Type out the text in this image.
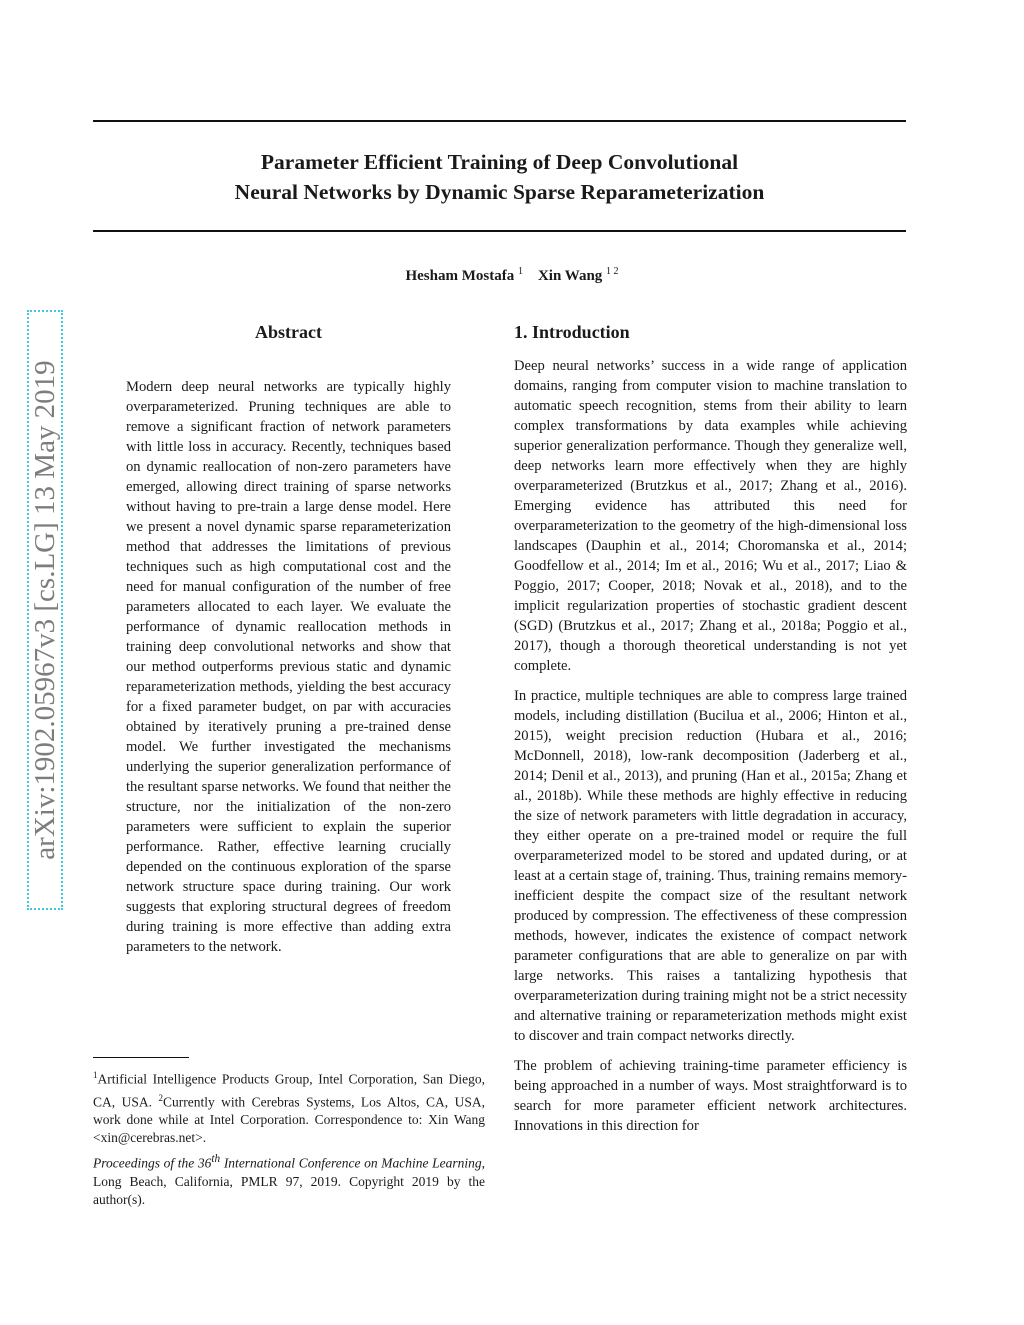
Parameter Efficient Training of Deep Convolutional
Neural Networks by Dynamic Sparse Reparameterization
Hesham Mostafa $^1$ Xin Wang $^{1 2}$
arXiv:1902.05967v3 [cs.LG] 13 May 2019
Abstract
Modern deep neural networks are typically highly overparameterized. Pruning techniques are able to remove a significant fraction of network parameters with little loss in accuracy. Recently, techniques based on dynamic reallocation of non-zero parameters have emerged, allowing direct training of sparse networks without having to pre-train a large dense model. Here we present a novel dynamic sparse reparameterization method that addresses the limitations of previous techniques such as high computational cost and the need for manual configuration of the number of free parameters allocated to each layer. We evaluate the performance of dynamic reallocation methods in training deep convolutional networks and show that our method outperforms previous static and dynamic reparameterization methods, yielding the best accuracy for a fixed parameter budget, on par with accuracies obtained by iteratively pruning a pre-trained dense model. We further investigated the mechanisms underlying the superior generalization performance of the resultant sparse networks. We found that neither the structure, nor the initialization of the non-zero parameters were sufficient to explain the superior performance. Rather, effective learning crucially depended on the continuous exploration of the sparse network structure space during training. Our work suggests that exploring structural degrees of freedom during training is more effective than adding extra parameters to the network.
1. Introduction

Deep neural networks’ success in a wide range of application domains, ranging from computer vision to machine translation to automatic speech recognition, stems from their ability to learn complex transformations by data examples while achieving superior generalization performance. Though they generalize well, deep networks learn more effectively when they are highly overparameterized (Brutzkus et al., 2017; Zhang et al., 2016). Emerging evidence has attributed this need for overparameterization to the geometry of the high-dimensional loss landscapes (Dauphin et al., 2014; Choromanska et al., 2014; Goodfellow et al., 2014; Im et al., 2016; Wu et al., 2017; Liao & Poggio, 2017; Cooper, 2018; Novak et al., 2018), and to the implicit regularization properties of stochastic gradient descent (SGD) (Brutzkus et al., 2017; Zhang et al., 2018a; Poggio et al., 2017), though a thorough theoretical understanding is not yet complete.

In practice, multiple techniques are able to compress large trained models, including distillation (Bucilua et al., 2006; Hinton et al., 2015), weight precision reduction (Hubara et al., 2016; McDonnell, 2018), low-rank decomposition (Jaderberg et al., 2014; Denil et al., 2013), and pruning (Han et al., 2015a; Zhang et al., 2018b). While these methods are highly effective in reducing the size of network parameters with little degradation in accuracy, they either operate on a pre-trained model or require the full overparameterized model to be stored and updated during, or at least at a certain stage of, training. Thus, training remains memory-inefficient despite the compact size of the resultant network produced by compression. The effectiveness of these compression methods, however, indicates the existence of compact network parameter configurations that are able to generalize on par with large networks. This raises a tantalizing hypothesis that overparameterization during training might not be a strict necessity and alternative training or reparameterization methods might exist to discover and train compact networks directly.

The problem of achieving training-time parameter efficiency is being approached in a number of ways. Most straightforward is to search for more parameter efficient network architectures. Innovations in this direction for

$^1$Artificial Intelligence Products Group, Intel Corporation, San Diego, CA, USA. $^2$Currently with Cerebras Systems, Los Altos, CA, USA, work done while at Intel Corporation. Correspondence to: Xin Wang <xin@cerebras.net>.
Proceedings of the 36th International Conference on Machine Learning, Long Beach, California, PMLR 97, 2019. Copyright 2019 by the author(s).
